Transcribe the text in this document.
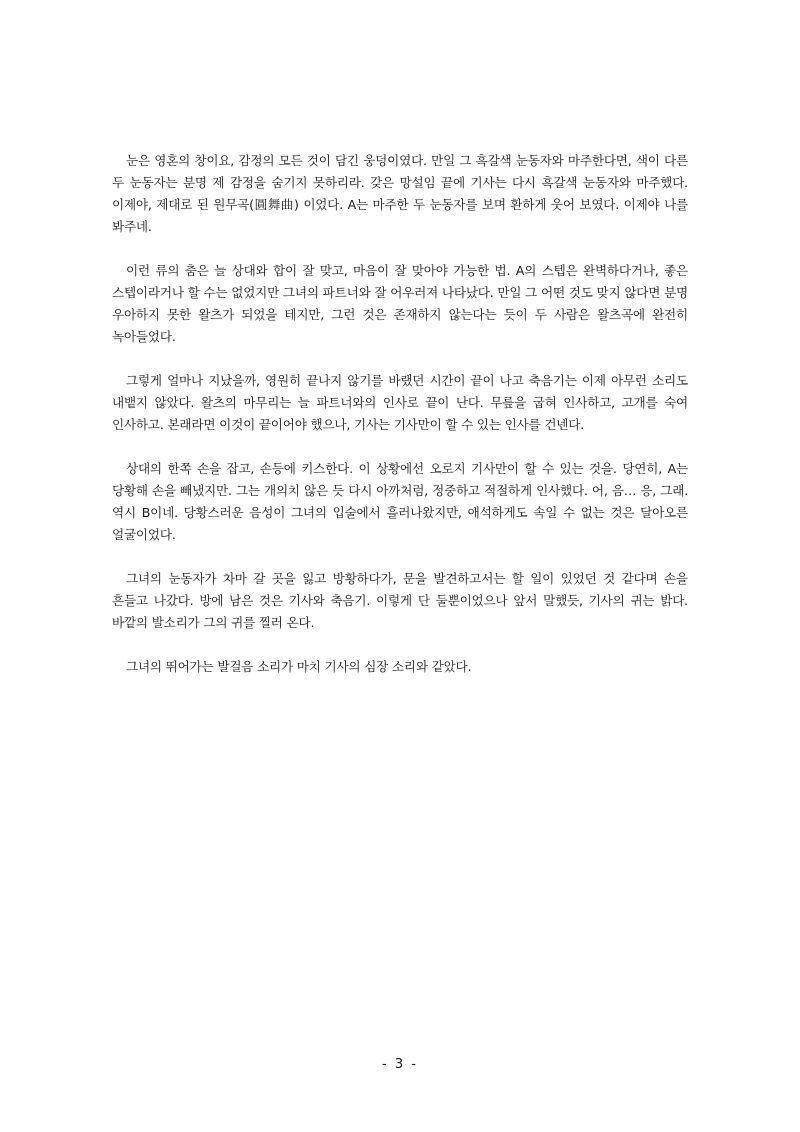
눈은 영혼의 창이요, 감정의 모든 것이 담긴 웅덩이였다. 만일 그 흑갈색 눈동자와 마주한다면, 색이 다른 두 눈동자는 분명 제 감정을 숨기지 못하리라. 갖은 망설임 끝에 기사는 다시 흑갈색 눈동자와 마주했다. 이제야, 제대로 된 원무곡(圓舞曲) 이었다. A는 마주한 두 눈동자를 보며 환하게 웃어 보였다. 이제야 나를 봐주네.

이런 류의 춤은 늘 상대와 합이 잘 맞고, 마음이 잘 맞아야 가능한 법. A의 스텝은 완벽하다거나, 좋은 스텝이라거나 할 수는 없었지만 그녀의 파트너와 잘 어우러져 나타났다. 만일 그 어떤 것도 맞지 않다면 분명 우아하지 못한 왈츠가 되었을 테지만, 그런 것은 존재하지 않는다는 듯이 두 사람은 왈츠곡에 완전히 녹아들었다.

그렇게 얼마나 지났을까, 영원히 끝나지 않기를 바랬던 시간이 끝이 나고 축음기는 이제 아무런 소리도 내뱉지 않았다. 왈츠의 마무리는 늘 파트너와의 인사로 끝이 난다. 무릎을 굽혀 인사하고, 고개를 숙여 인사하고. 본래라면 이것이 끝이어야 했으나, 기사는 기사만이 할 수 있는 인사를 건넨다.

상대의 한쪽 손을 잡고, 손등에 키스한다. 이 상황에선 오로지 기사만이 할 수 있는 것을. 당연히, A는 당황해 손을 빼냈지만. 그는 개의치 않은 듯 다시 아까처럼, 정중하고 적절하게 인사했다. 어, 음… 응, 그래. 역시 B이네. 당황스러운 음성이 그녀의 입술에서 흘러나왔지만, 애석하게도 속일 수 없는 것은 달아오른 얼굴이었다.

그녀의 눈동자가 차마 갈 곳을 잃고 방황하다가, 문을 발견하고서는 할 일이 있었던 것 같다며 손을 흔들고 나갔다. 방에 남은 것은 기사와 축음기. 이렇게 단 둘뿐이었으나 앞서 말했듯, 기사의 귀는 밝다. 바깥의 발소리가 그의 귀를 찔러 온다.

그녀의 뛰어가는 발걸음 소리가 마치 기사의 심장 소리와 같았다.

- 3 -
